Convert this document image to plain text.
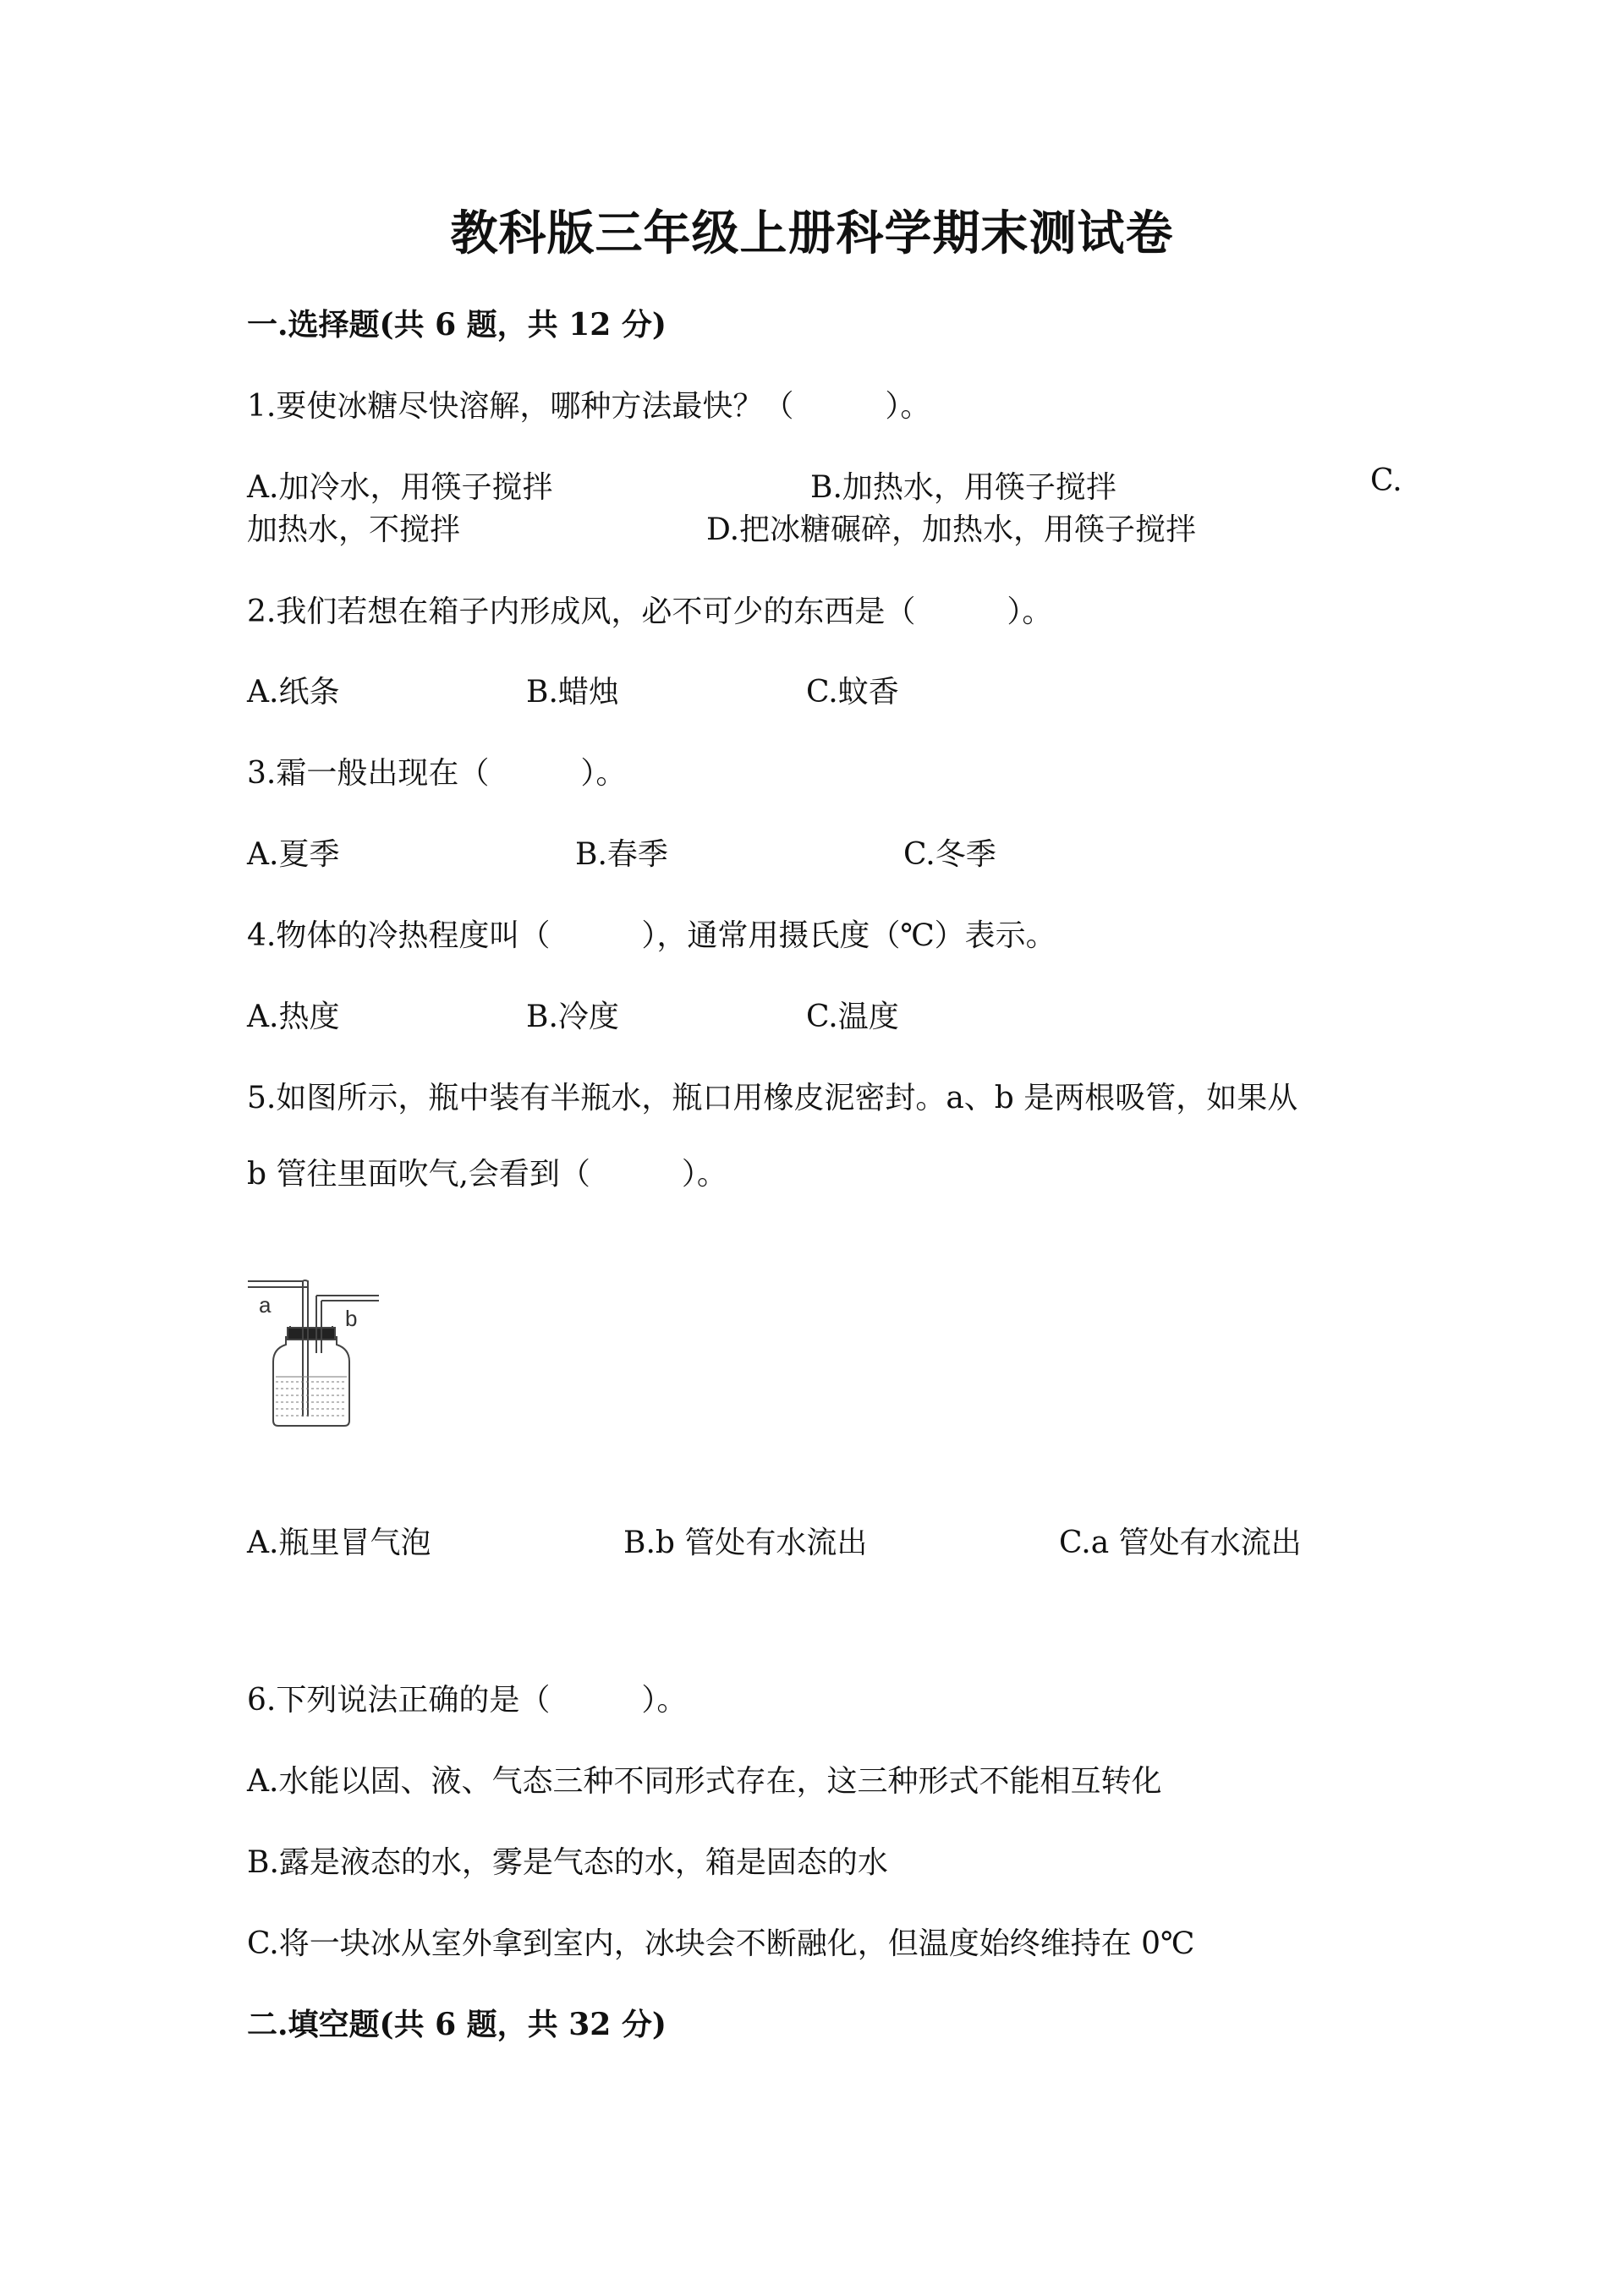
教科版三年级上册科学期末测试卷
一.选择题(共 6 题，共 12 分)
1.要使冰糖尽快溶解，哪种方法最快？（　　　）。
A.加冷水，用筷子搅拌	B.加热水，用筷子搅拌	C.
加热水，不搅拌	D.把冰糖碾碎，加热水，用筷子搅拌
2.我们若想在箱子内形成风，必不可少的东西是（　　　）。
A.纸条	B.蜡烛	C.蚊香
3.霜一般出现在（　　　）。
A.夏季	B.春季	C.冬季
4.物体的冷热程度叫（　　　），通常用摄氏度（℃）表示。
A.热度	B.冷度	C.温度
5.如图所示，瓶中装有半瓶水，瓶口用橡皮泥密封。a、b 是两根吸管，如果从
b 管往里面吹气,会看到（　　　）。
a
b
A.瓶里冒气泡	B.b 管处有水流出	C.a 管处有水流出
6.下列说法正确的是（　　　）。
A.水能以固、液、气态三种不同形式存在，这三种形式不能相互转化
B.露是液态的水，雾是气态的水，箱是固态的水
C.将一块冰从室外拿到室内，冰块会不断融化，但温度始终维持在 0℃
二.填空题(共 6 题，共 32 分)
